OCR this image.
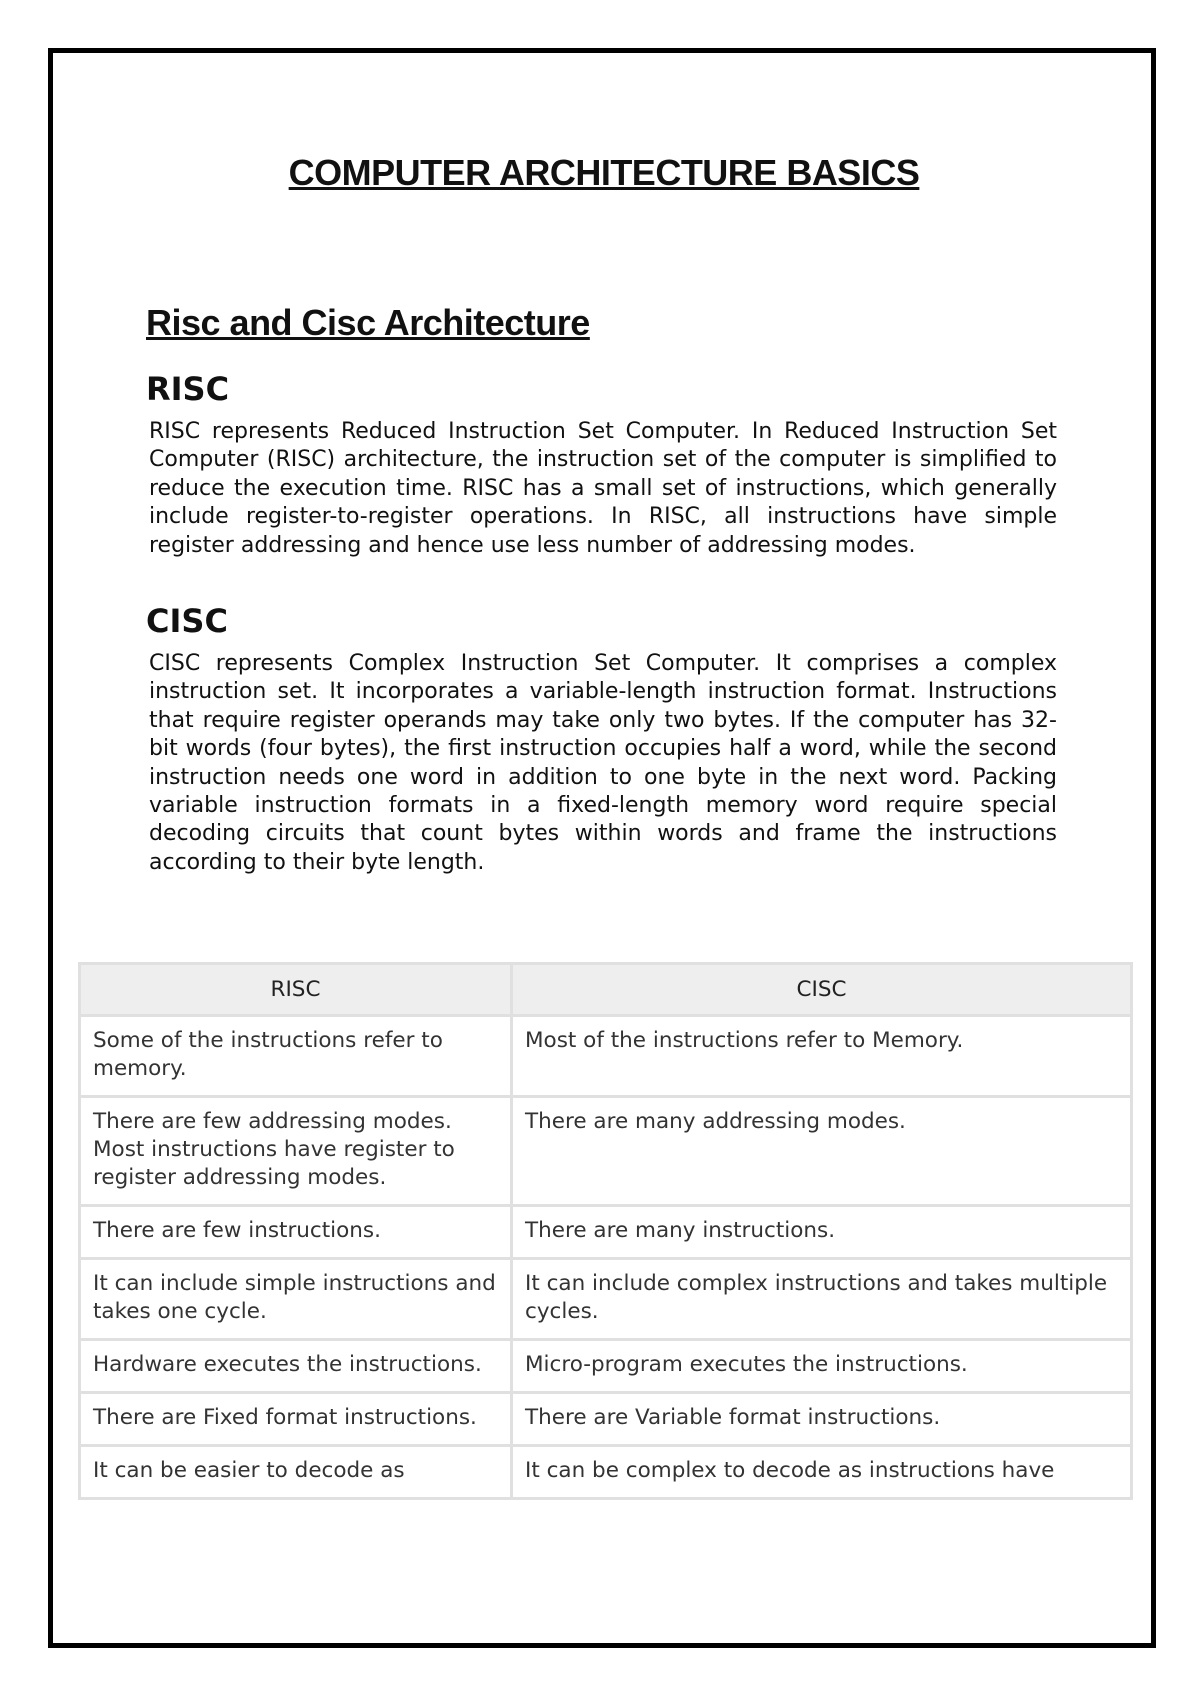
COMPUTER ARCHITECTURE BASICS
Risc and Cisc Architecture
RISC

RISC represents Reduced Instruction Set Computer. In Reduced Instruction Set Computer (RISC) architecture, the instruction set of the computer is simplified to reduce the execution time. RISC has a small set of instructions, which generally include register-to-register operations. In RISC, all instructions have simple register addressing and hence use less number of addressing modes.

CISC

CISC represents Complex Instruction Set Computer. It comprises a complex instruction set. It incorporates a variable-length instruction format. Instructions that require register operands may take only two bytes. If the computer has 32-bit words (four bytes), the first instruction occupies half a word, while the second instruction needs one word in addition to one byte in the next word. Packing variable instruction formats in a fixed-length memory word require special decoding circuits that count bytes within words and frame the instructions according to their byte length.

RISC	CISC
Some of the instructions refer to memory.	Most of the instructions refer to Memory.
There are few addressing modes. Most instructions have register to register addressing modes.	There are many addressing modes.
There are few instructions.	There are many instructions.
It can include simple instructions and takes one cycle.	It can include complex instructions and takes multiple cycles.
Hardware executes the instructions.	Micro-program executes the instructions.
There are Fixed format instructions.	There are Variable format instructions.
It can be easier to decode as	It can be complex to decode as instructions have
